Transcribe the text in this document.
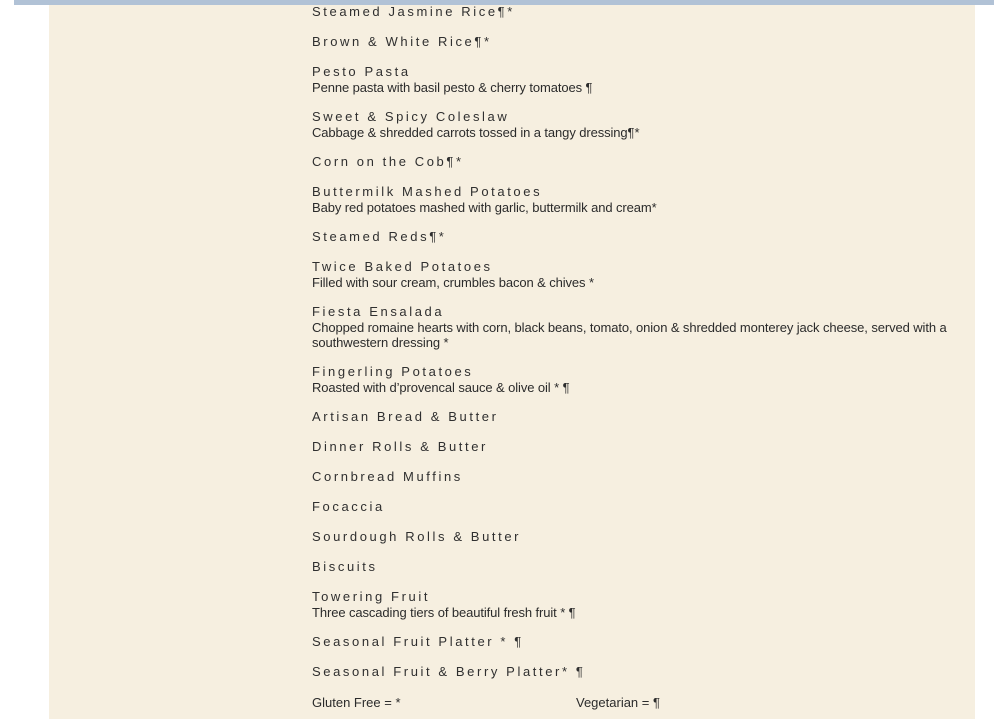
Steamed Jasmine Rice¶*
Brown & White Rice¶*
Pesto Pasta
Penne pasta with basil pesto & cherry tomatoes ¶
Sweet & Spicy Coleslaw
Cabbage & shredded carrots tossed in a tangy dressing¶*
Corn on the Cob¶*
Buttermilk Mashed Potatoes
Baby red potatoes mashed with garlic, buttermilk and cream*
Steamed Reds¶*
Twice Baked Potatoes
Filled with sour cream, crumbles bacon & chives *
Fiesta Ensalada
Chopped romaine hearts with corn, black beans, tomato, onion & shredded monterey jack cheese, served with a southwestern dressing *
Fingerling Potatoes
Roasted with d’provencal sauce & olive oil * ¶
Artisan Bread & Butter
Dinner Rolls & Butter
Cornbread Muffins
Focaccia
Sourdough Rolls & Butter
Biscuits
Towering Fruit
Three cascading tiers of beautiful fresh fruit * ¶
Seasonal Fruit Platter * ¶
Seasonal Fruit & Berry Platter* ¶
Gluten Free = *	Vegetarian = ¶
